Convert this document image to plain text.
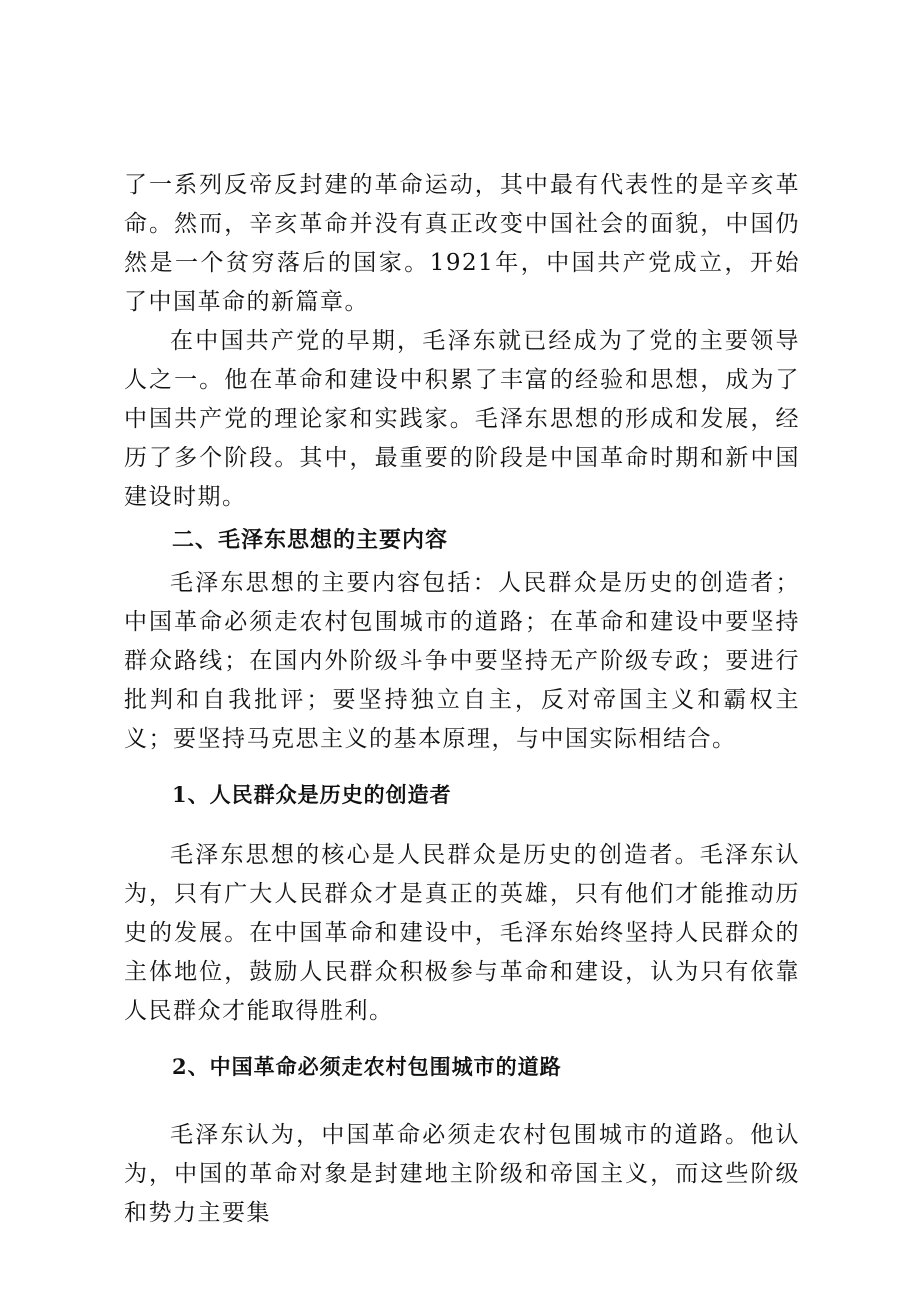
了一系列反帝反封建的革命运动，其中最有代表性的是辛亥革命。然而，辛亥革命并没有真正改变中国社会的面貌，中国仍然是一个贫穷落后的国家。1921年，中国共产党成立，开始了中国革命的新篇章。

在中国共产党的早期，毛泽东就已经成为了党的主要领导人之一。他在革命和建设中积累了丰富的经验和思想，成为了中国共产党的理论家和实践家。毛泽东思想的形成和发展，经历了多个阶段。其中，最重要的阶段是中国革命时期和新中国建设时期。

二、毛泽东思想的主要内容

毛泽东思想的主要内容包括：人民群众是历史的创造者；中国革命必须走农村包围城市的道路；在革命和建设中要坚持群众路线；在国内外阶级斗争中要坚持无产阶级专政；要进行批判和自我批评；要坚持独立自主，反对帝国主义和霸权主义；要坚持马克思主义的基本原理，与中国实际相结合。

1、人民群众是历史的创造者

毛泽东思想的核心是人民群众是历史的创造者。毛泽东认为，只有广大人民群众才是真正的英雄，只有他们才能推动历史的发展。在中国革命和建设中，毛泽东始终坚持人民群众的主体地位，鼓励人民群众积极参与革命和建设，认为只有依靠人民群众才能取得胜利。

2、中国革命必须走农村包围城市的道路

毛泽东认为，中国革命必须走农村包围城市的道路。他认为，中国的革命对象是封建地主阶级和帝国主义，而这些阶级和势力主要集
